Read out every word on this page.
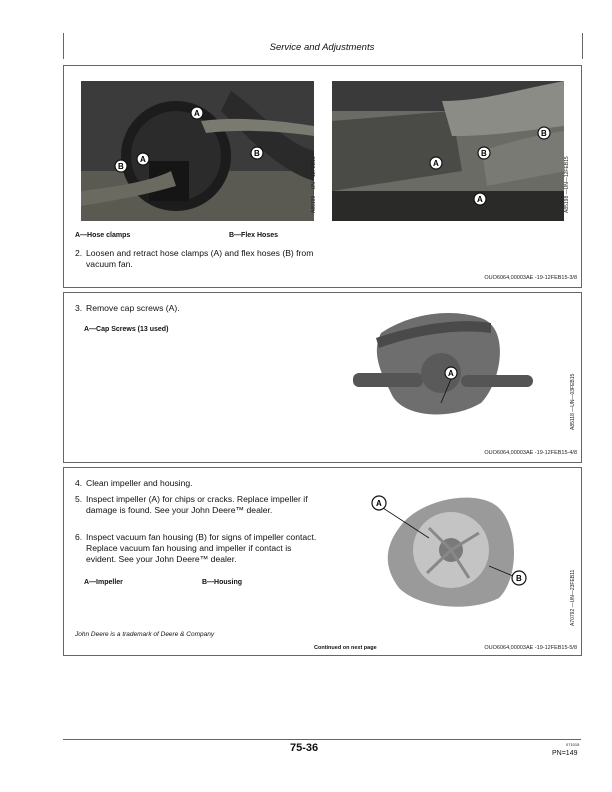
Service and Adjustments
A
B
A
B	A85199 —UN—12FEB15
B
B
A
A	A85198 —UN—12FEB15
A—Hose clamps	B—Flex Hoses
2. Loosen and retract hose clamps (A) and flex hoses (B) from vacuum fan.
OUO6064,00003AE -19-12FEB15-3/8
3. Remove cap screws (A).
A—Cap Screws (13 used)
A
A85118 —UN—03FEB15
OUO6064,00003AE -19-12FEB15-4/8
4. Clean impeller and housing.
5. Inspect impeller (A) for chips or cracks. Replace impeller if damage is found. See your John Deere™ dealer.
6. Inspect vacuum fan housing (B) for signs of impeller contact. Replace vacuum fan housing and impeller if contact is evident. See your John Deere™ dealer.
A—Impeller	B—Housing
A
B	A70792 —UN—23FEB11
John Deere is a trademark of Deere & Company
Continued on next page	OUO6064,00003AE -19-12FEB15-5/8
75-36	071015
PN=149
